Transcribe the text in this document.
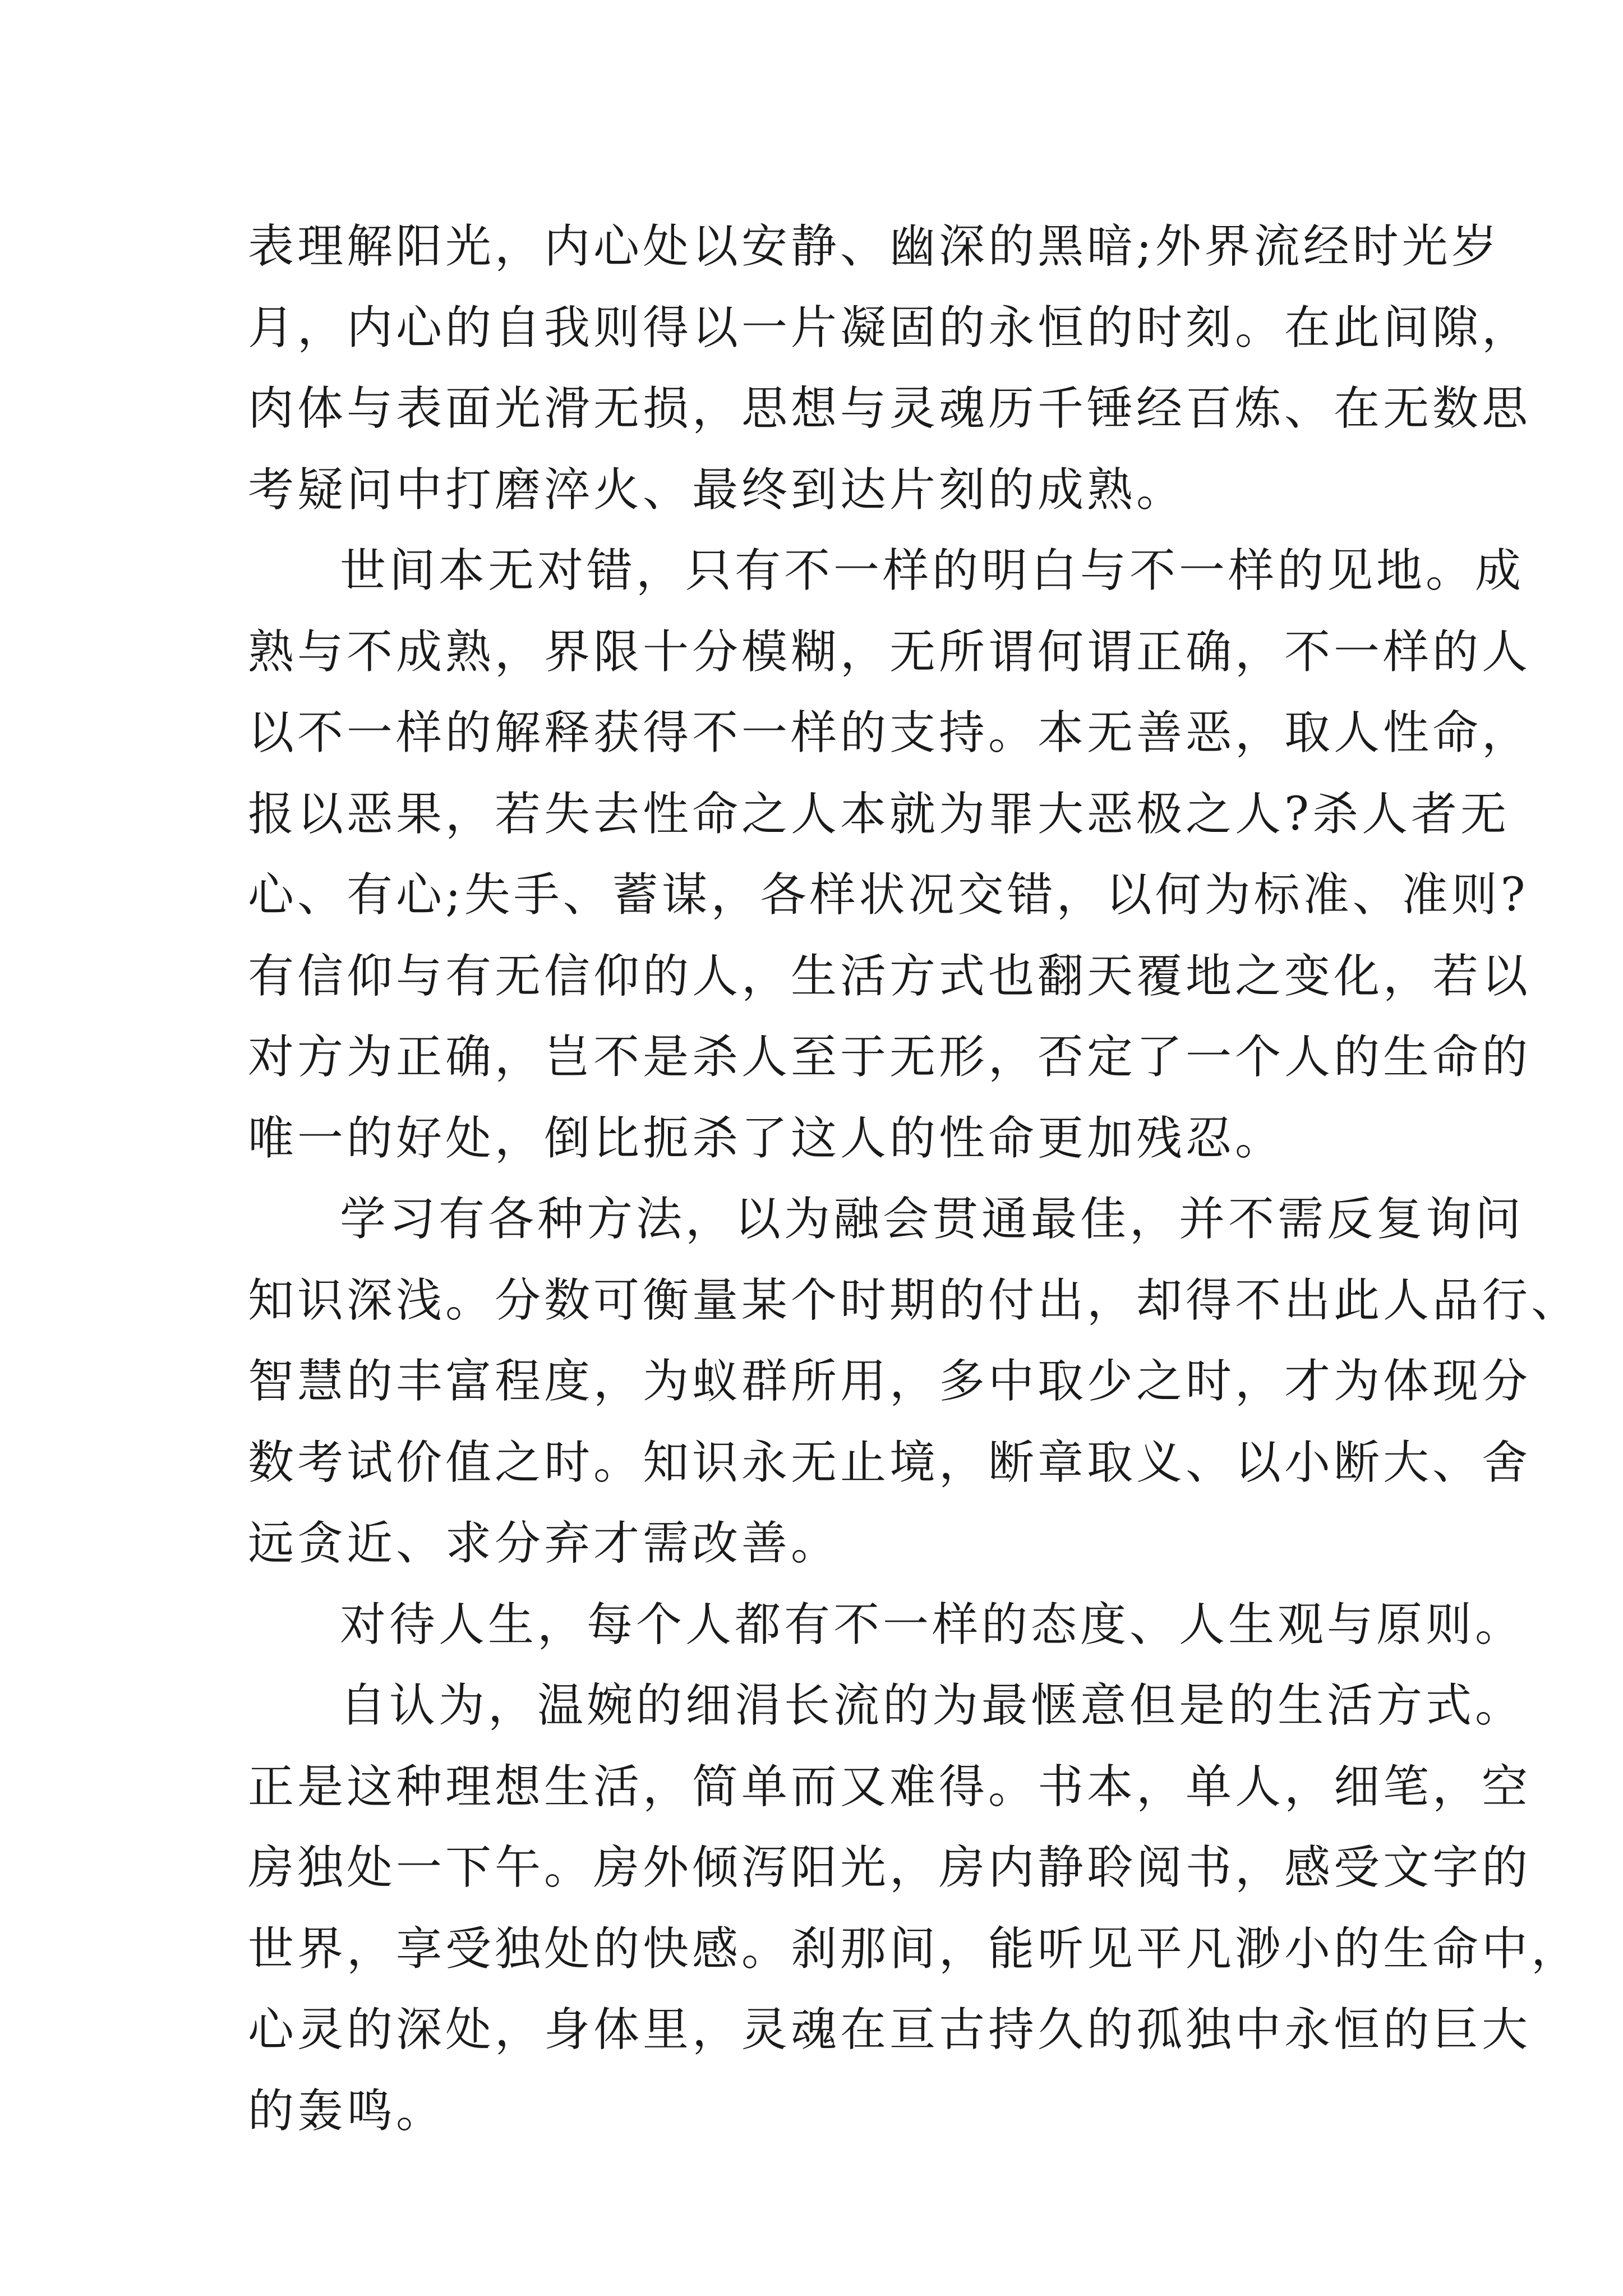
表理解阳光，内心处以安静、幽深的黑暗;外界流经时光岁
月，内心的自我则得以一片凝固的永恒的时刻。在此间隙，
肉体与表面光滑无损，思想与灵魂历千锤经百炼、在无数思
考疑问中打磨淬火、最终到达片刻的成熟。
世间本无对错，只有不一样的明白与不一样的见地。成
熟与不成熟，界限十分模糊，无所谓何谓正确，不一样的人
以不一样的解释获得不一样的支持。本无善恶，取人性命，
报以恶果，若失去性命之人本就为罪大恶极之人?杀人者无
心、有心;失手、蓄谋，各样状况交错，以何为标准、准则?
有信仰与有无信仰的人，生活方式也翻天覆地之变化，若以
对方为正确，岂不是杀人至于无形，否定了一个人的生命的
唯一的好处，倒比扼杀了这人的性命更加残忍。
学习有各种方法，以为融会贯通最佳，并不需反复询问
知识深浅。分数可衡量某个时期的付出，却得不出此人品行、
智慧的丰富程度，为蚁群所用，多中取少之时，才为体现分
数考试价值之时。知识永无止境，断章取义、以小断大、舍
远贪近、求分弃才需改善。
对待人生，每个人都有不一样的态度、人生观与原则。
自认为，温婉的细涓长流的为最惬意但是的生活方式。
正是这种理想生活，简单而又难得。书本，单人，细笔，空
房独处一下午。房外倾泻阳光，房内静聆阅书，感受文字的
世界，享受独处的快感。刹那间，能听见平凡渺小的生命中，
心灵的深处，身体里，灵魂在亘古持久的孤独中永恒的巨大
的轰鸣。
